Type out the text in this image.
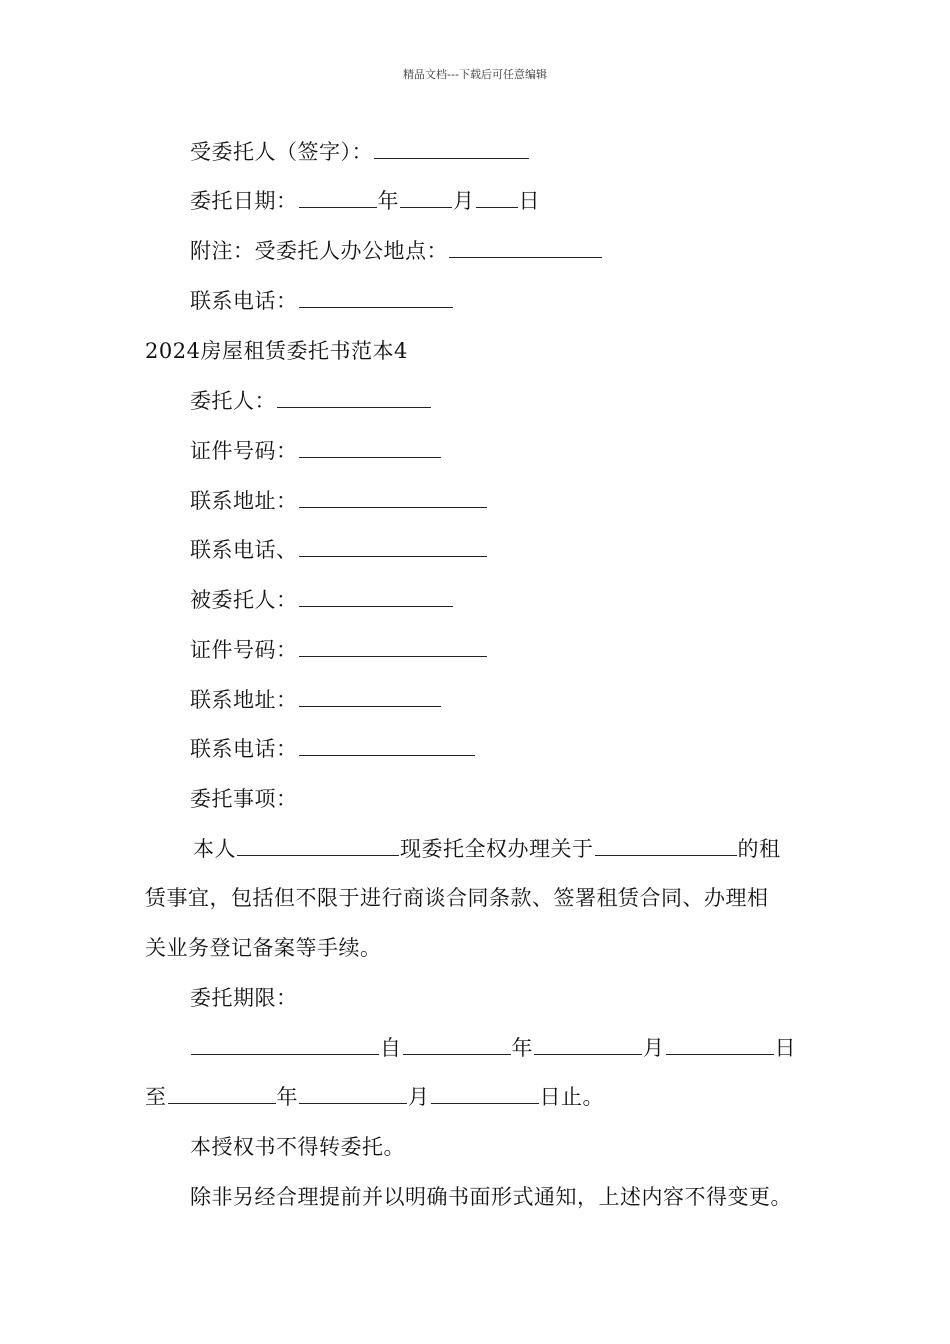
精品文档---下载后可任意编辑
受委托人（签字）：
委托日期：	年	月 日
附注：受委托人办公地点：
联系电话：
2024房屋租赁委托书范本4
委托人：
证件号码：
联系地址：
联系电话、
被委托人：
证件号码：
联系地址：
联系电话：
委托事项：
本人	现委托全权办理关于	的租
赁事宜，包括但不限于进行商谈合同条款、签署租赁合同、办理相
关业务登记备案等手续。
委托期限：
自	年	月	日
至	年	月	日止。
本授权书不得转委托。
除非另经合理提前并以明确书面形式通知，上述内容不得变更。
